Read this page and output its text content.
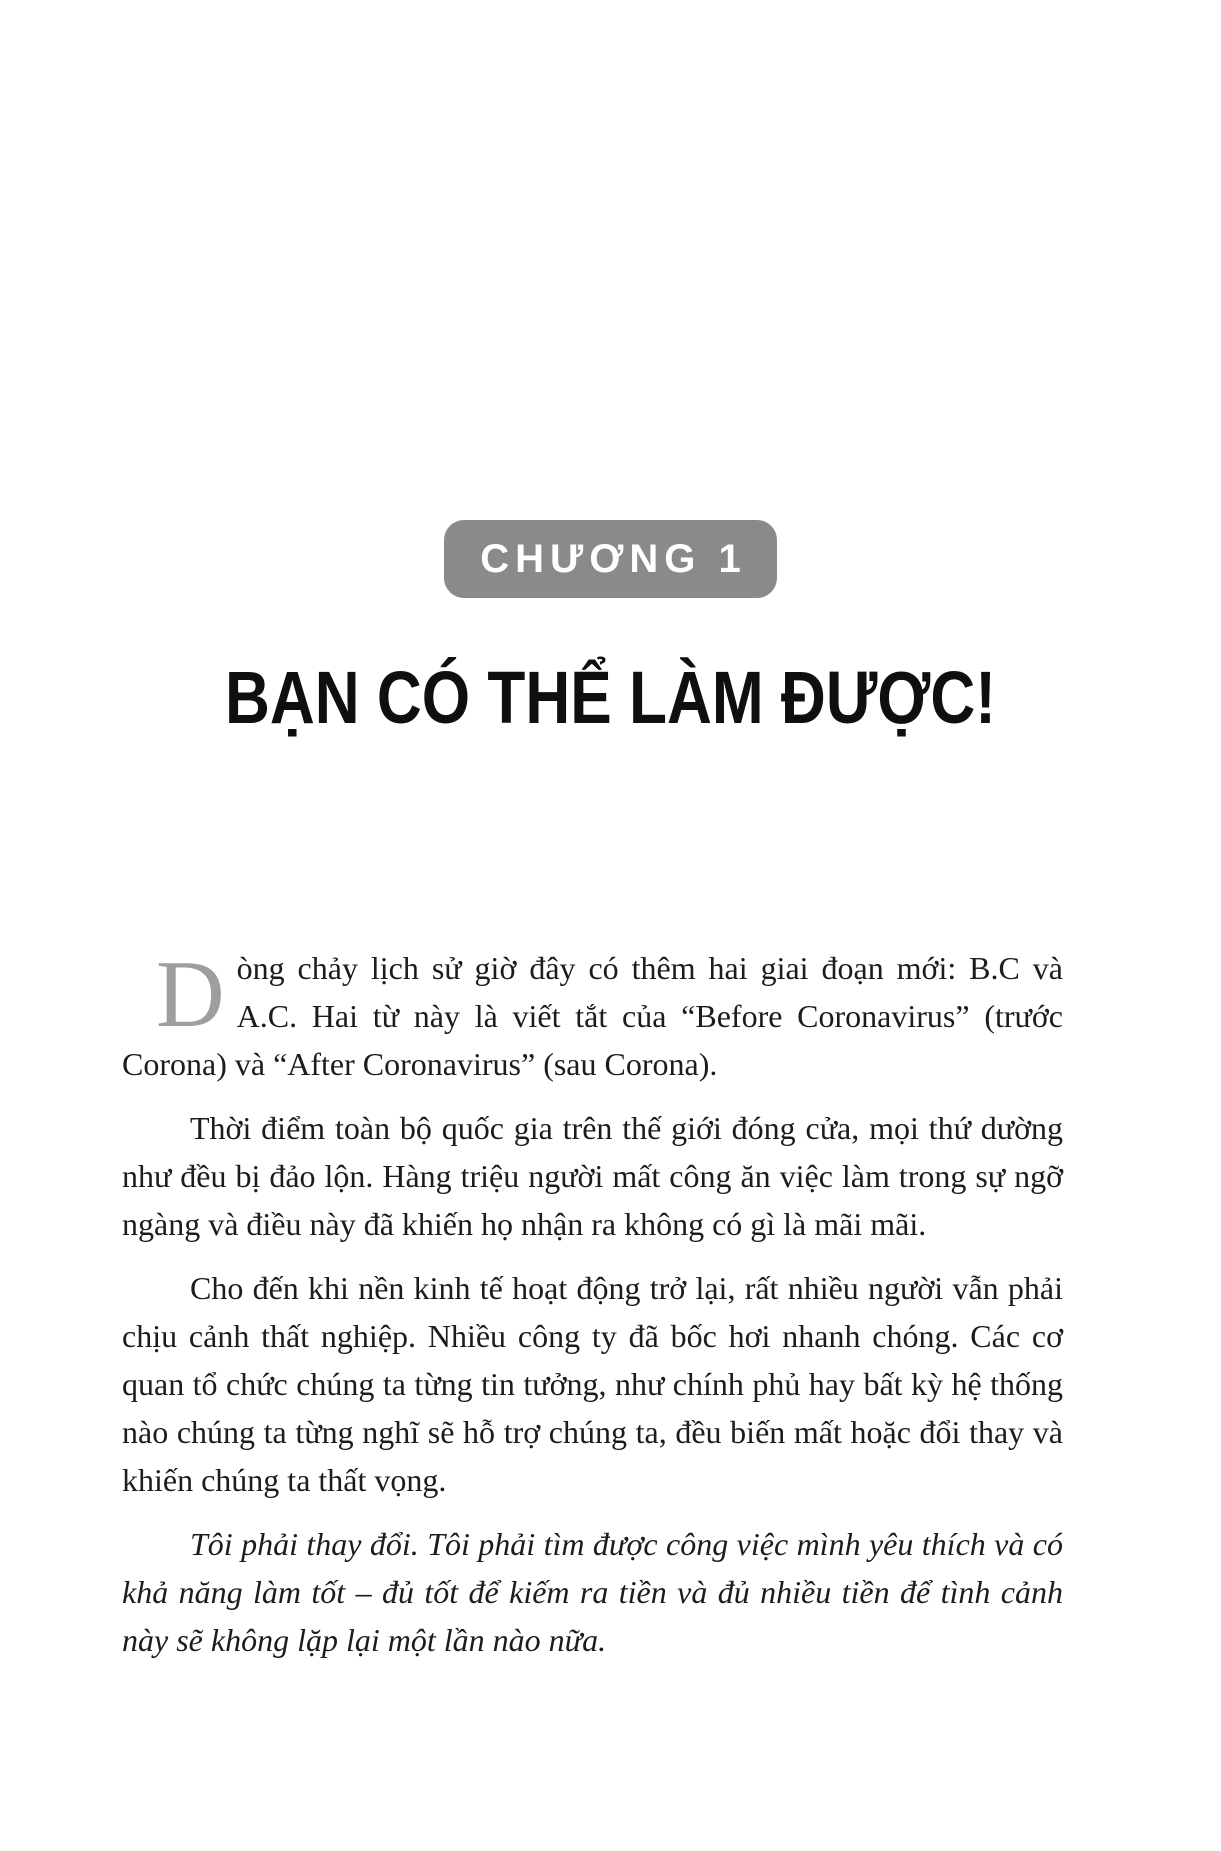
CHƯƠNG 1
BẠN CÓ THỂ LÀM ĐƯỢC!

Dòng chảy lịch sử giờ đây có thêm hai giai đoạn mới: B.C và A.C. Hai từ này là viết tắt của “Before Coronavirus” (trước Corona) và “After Coronavirus” (sau Corona).

Thời điểm toàn bộ quốc gia trên thế giới đóng cửa, mọi thứ dường như đều bị đảo lộn. Hàng triệu người mất công ăn việc làm trong sự ngỡ ngàng và điều này đã khiến họ nhận ra không có gì là mãi mãi.

Cho đến khi nền kinh tế hoạt động trở lại, rất nhiều người vẫn phải chịu cảnh thất nghiệp. Nhiều công ty đã bốc hơi nhanh chóng. Các cơ quan tổ chức chúng ta từng tin tưởng, như chính phủ hay bất kỳ hệ thống nào chúng ta từng nghĩ sẽ hỗ trợ chúng ta, đều biến mất hoặc đổi thay và khiến chúng ta thất vọng.

Tôi phải thay đổi. Tôi phải tìm được công việc mình yêu thích và có khả năng làm tốt – đủ tốt để kiếm ra tiền và đủ nhiều tiền để tình cảnh này sẽ không lặp lại một lần nào nữa.
